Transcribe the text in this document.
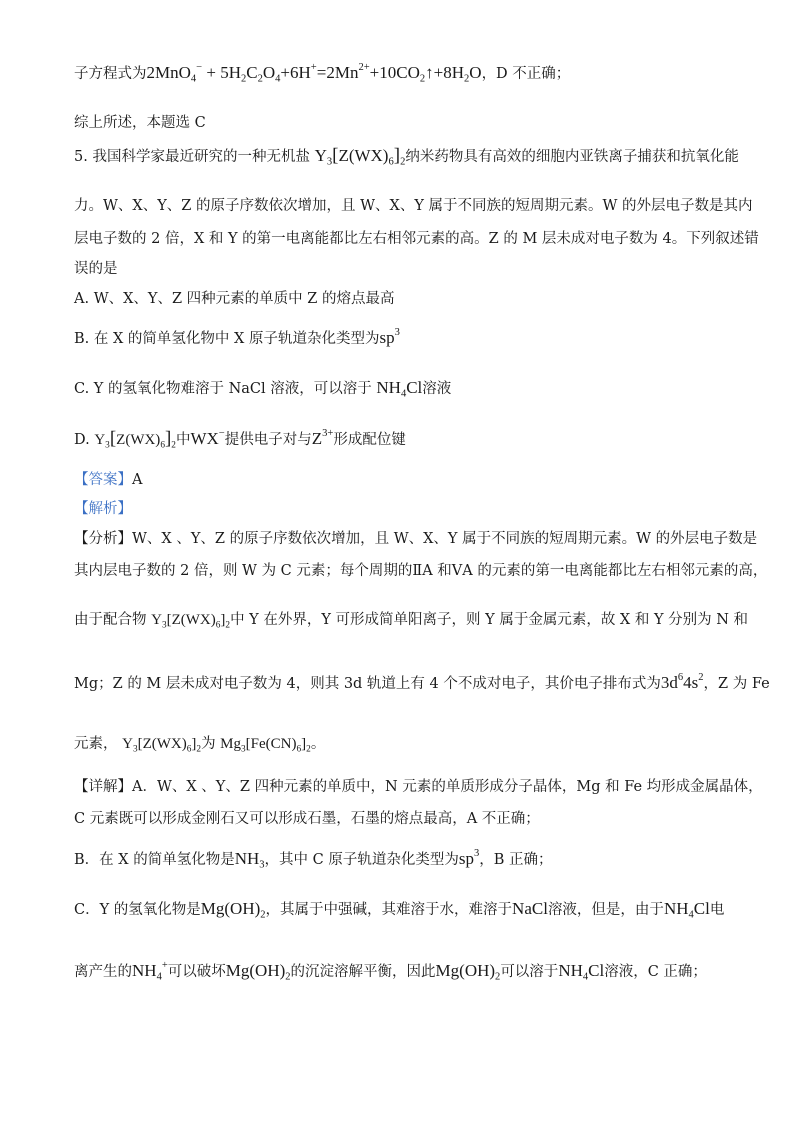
子方程式为$2MnO_4^- + 5H_2C_2O_4+6H^+=2Mn^{2+}+10CO_2↑+8H_2O$，D 不正确；
综上所述，本题选 C
5. 我国科学家最近研究的一种无机盐 $Y_3[Z(WX)_6]_2$纳米药物具有高效的细胞内亚铁离子捕获和抗氧化能
力。W、X、Y、Z 的原子序数依次增加，且 W、X、Y 属于不同族的短周期元素。W 的外层电子数是其内
层电子数的 2 倍，X 和 Y 的第一电离能都比左右相邻元素的高。Z 的 M 层未成对电子数为 4。下列叙述错
误的是
A. W、X、Y、Z 四种元素的单质中 Z 的熔点最高
B. 在 X 的简单氢化物中 X 原子轨道杂化类型为$sp^3$
C. Y 的氢氧化物难溶于 NaCl 溶液，可以溶于 $NH_4Cl$溶液
D. $Y_3[Z(WX)_6]_2$中WX−提供电子对与$Z^{3+}$形成配位键
【答案】A
【解析】
【分析】W、X 、Y、Z 的原子序数依次增加，且 W、X、Y 属于不同族的短周期元素。W 的外层电子数是
其内层电子数的 2 倍，则 W 为 C 元素；每个周期的ⅡA 和ⅤA 的元素的第一电离能都比左右相邻元素的高，
由于配合物 $Y_3[Z(WX)_6]_2$中 Y 在外界，Y 可形成简单阳离子，则 Y 属于金属元素，故 X 和 Y 分别为 N 和
Mg；Z 的 M 层未成对电子数为 4，则其 3d 轨道上有 4 个不成对电子，其价电子排布式为$3d^64s^2$，Z 为 Fe
元素， $Y_3[Z(WX)_6]_2$为 $Mg_3[Fe(CN)_6]_2$。
【详解】A．W、X 、Y、Z 四种元素的单质中，N 元素的单质形成分子晶体，Mg 和 Fe 均形成金属晶体，
C 元素既可以形成金刚石又可以形成石墨，石墨的熔点最高，A 不正确；
B．在 X 的简单氢化物是$NH_3$，其中 C 原子轨道杂化类型为$sp^3$，B 正确；
C．Y 的氢氧化物是$Mg(OH)_2$，其属于中强碱，其难溶于水，难溶于NaCl溶液，但是，由于$NH_4Cl$电
离产生的$NH_4^+$可以破坏$Mg(OH)_2$的沉淀溶解平衡，因此$Mg(OH)_2$可以溶于$NH_4Cl$溶液，C 正确；
